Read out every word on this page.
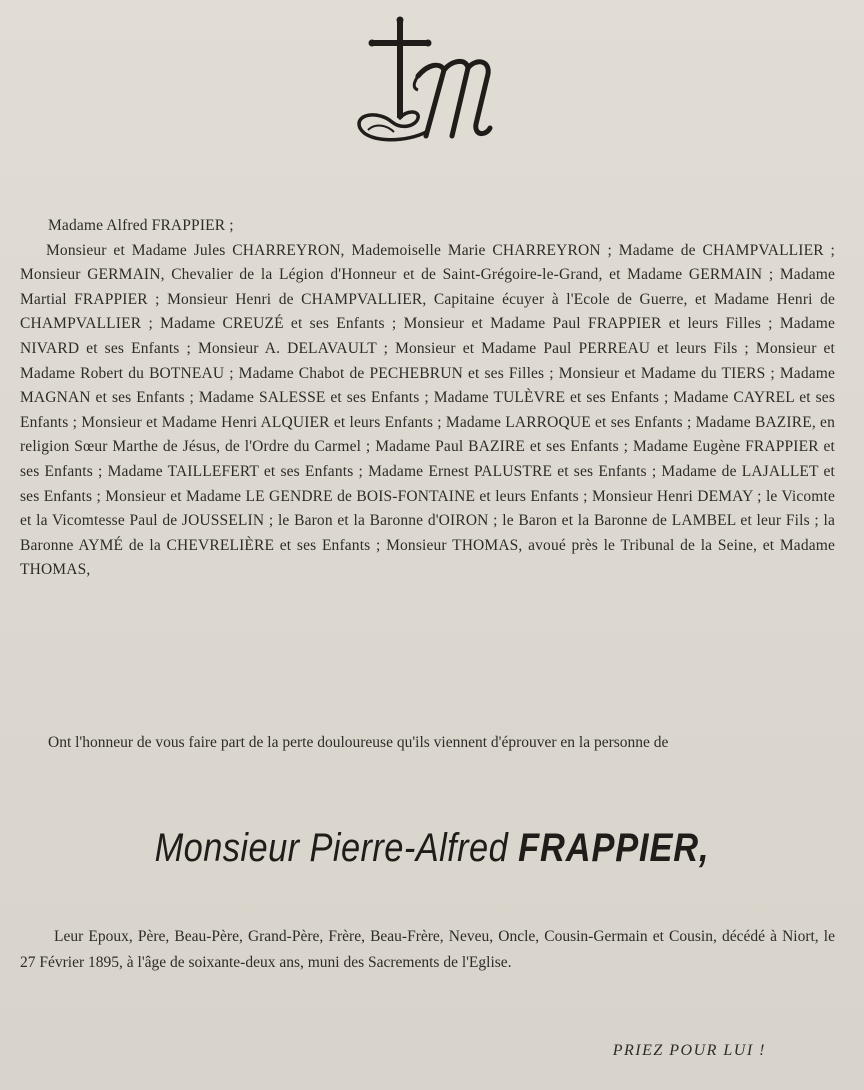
Madame Alfred FRAPPIER ;

Monsieur et Madame Jules CHARREYRON, Mademoiselle Marie CHARREYRON ; Madame de CHAMPVALLIER ; Monsieur GERMAIN, Chevalier de la Légion d'Honneur et de Saint-Grégoire-le-Grand, et Madame GERMAIN ; Madame Martial FRAPPIER ; Monsieur Henri de CHAMPVALLIER, Capitaine écuyer à l'Ecole de Guerre, et Madame Henri de CHAMPVALLIER ; Madame CREUZÉ et ses Enfants ; Monsieur et Madame Paul FRAPPIER et leurs Filles ; Madame NIVARD et ses Enfants ; Monsieur A. DELAVAULT ; Monsieur et Madame Paul PERREAU et leurs Fils ; Monsieur et Madame Robert du BOTNEAU ; Madame Chabot de PECHEBRUN et ses Filles ; Monsieur et Madame du TIERS ; Madame MAGNAN et ses Enfants ; Madame SALESSE et ses Enfants ; Madame TULÈVRE et ses Enfants ; Madame CAYREL et ses Enfants ; Monsieur et Madame Henri ALQUIER et leurs Enfants ; Madame LARROQUE et ses Enfants ; Madame BAZIRE, en religion Sœur Marthe de Jésus, de l'Ordre du Carmel ; Madame Paul BAZIRE et ses Enfants ; Madame Eugène FRAPPIER et ses Enfants ; Madame TAILLEFERT et ses Enfants ; Madame Ernest PALUSTRE et ses Enfants ; Madame de LAJALLET et ses Enfants ; Monsieur et Madame LE GENDRE de BOIS-FONTAINE et leurs Enfants ; Monsieur Henri DEMAY ; le Vicomte et la Vicomtesse Paul de JOUSSELIN ; le Baron et la Baronne d'OIRON ; le Baron et la Baronne de LAMBEL et leur Fils ; la Baronne AYMÉ de la CHEVRELIÈRE et ses Enfants ; Monsieur THOMAS, avoué près le Tribunal de la Seine, et Madame THOMAS,

Ont l'honneur de vous faire part de la perte douloureuse qu'ils viennent d'éprouver en la personne de

Monsieur Pierre-Alfred FRAPPIER,

Leur Epoux, Père, Beau-Père, Grand-Père, Frère, Beau-Frère, Neveu, Oncle, Cousin-Germain et Cousin, décédé à Niort, le 27 Février 1895, à l'âge de soixante-deux ans, muni des Sacrements de l'Eglise.

PRIEZ POUR LUI !
